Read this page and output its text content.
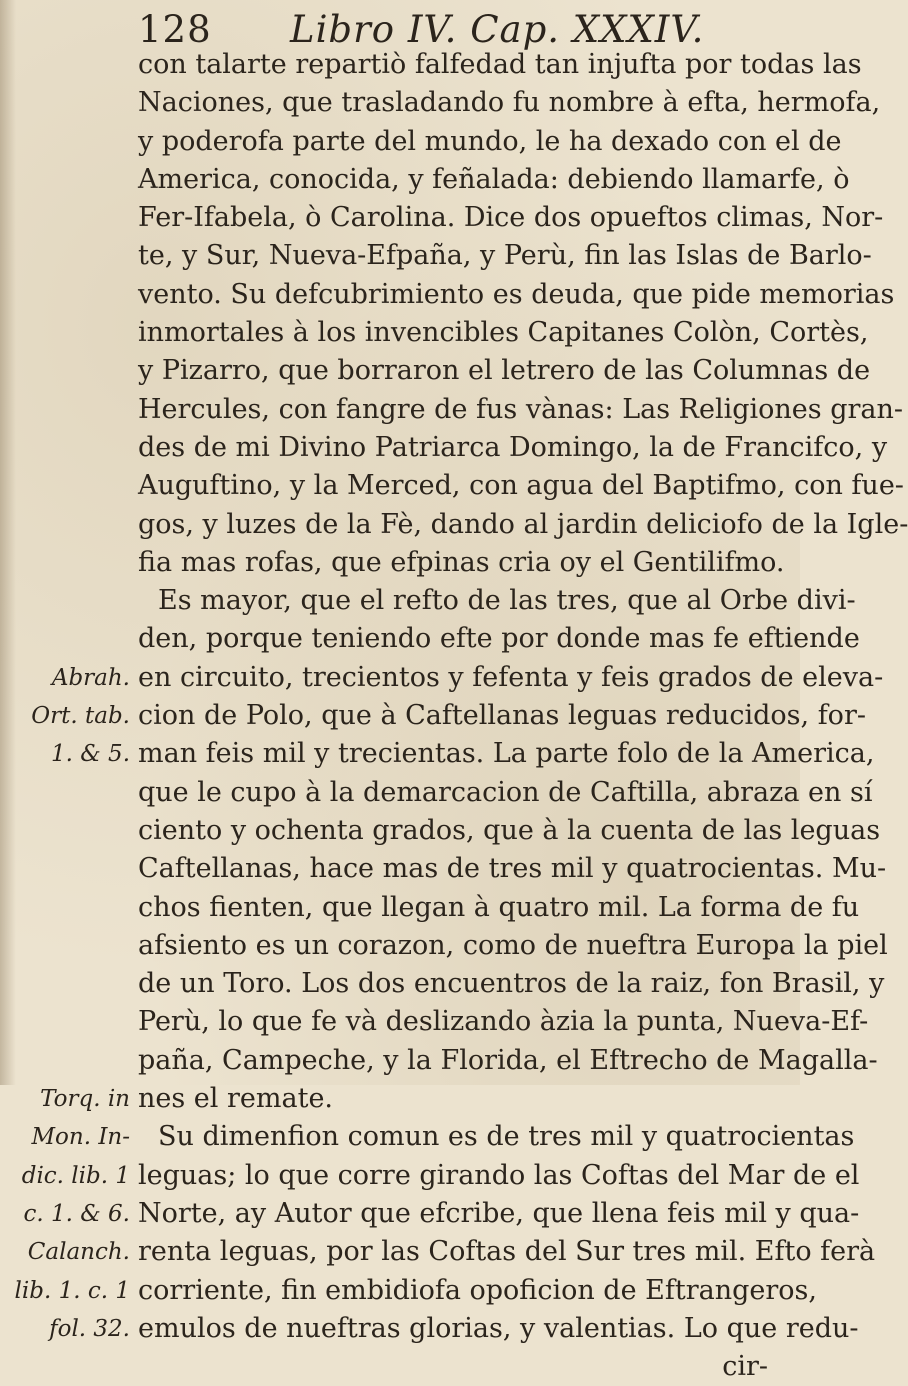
128 Libro IV. Cap. XXXIV.
con talarte repartiò falfedad tan injufta por todas las
Naciones, que trasladando fu nombre à efta, hermofa,
y poderofa parte del mundo, le ha dexado con el de
America, conocida, y feñalada: debiendo llamarfe, ò
Fer-Ifabela, ò Carolina. Dice dos opueftos climas, Nor-
te, y Sur, Nueva-Efpaña, y Perù, fin las Islas de Barlo-
vento. Su defcubrimiento es deuda, que pide memorias
inmortales à los invencibles Capitanes Colòn, Cortès,
y Pizarro, que borraron el letrero de las Columnas de
Hercules, con fangre de fus vànas: Las Religiones gran-
des de mi Divino Patriarca Domingo, la de Francifco, y
Auguftino, y la Merced, con agua del Baptifmo, con fue-
gos, y luzes de la Fè, dando al jardin deliciofo de la Igle-
fia mas rofas, que efpinas cria oy el Gentilifmo.
Es mayor, que el refto de las tres, que al Orbe divi-
den, porque teniendo efte por donde mas fe eftiende
en circuito, trecientos y fefenta y feis grados de eleva-
cion de Polo, que à Caftellanas leguas reducidos, for-
man feis mil y trecientas. La parte folo de la America,
que le cupo à la demarcacion de Caftilla, abraza en sí
ciento y ochenta grados, que à la cuenta de las leguas
Caftellanas, hace mas de tres mil y quatrocientas. Mu-
chos fienten, que llegan à quatro mil. La forma de fu
afsiento es un corazon, como de nueftra Europa la piel
de un Toro. Los dos encuentros de la raiz, fon Brasil, y
Perù, lo que fe và deslizando àzia la punta, Nueva-Ef-
paña, Campeche, y la Florida, el Eftrecho de Magalla-
nes el remate.
Su dimenfion comun es de tres mil y quatrocientas
leguas; lo que corre girando las Coftas del Mar de el
Norte, ay Autor que efcribe, que llena feis mil y qua-
renta leguas, por las Coftas del Sur tres mil. Efto ferà
corriente, fin embidiofa opoficion de Eftrangeros,
emulos de nueftras glorias, y valentias. Lo que redu-
cir-
Abrah.
Ort. tab.
1. & 5.
Torq. in
Mon. In-
dic. lib. 1
c. 1. & 6.
Calanch.
lib. 1. c. 1
fol. 32.
